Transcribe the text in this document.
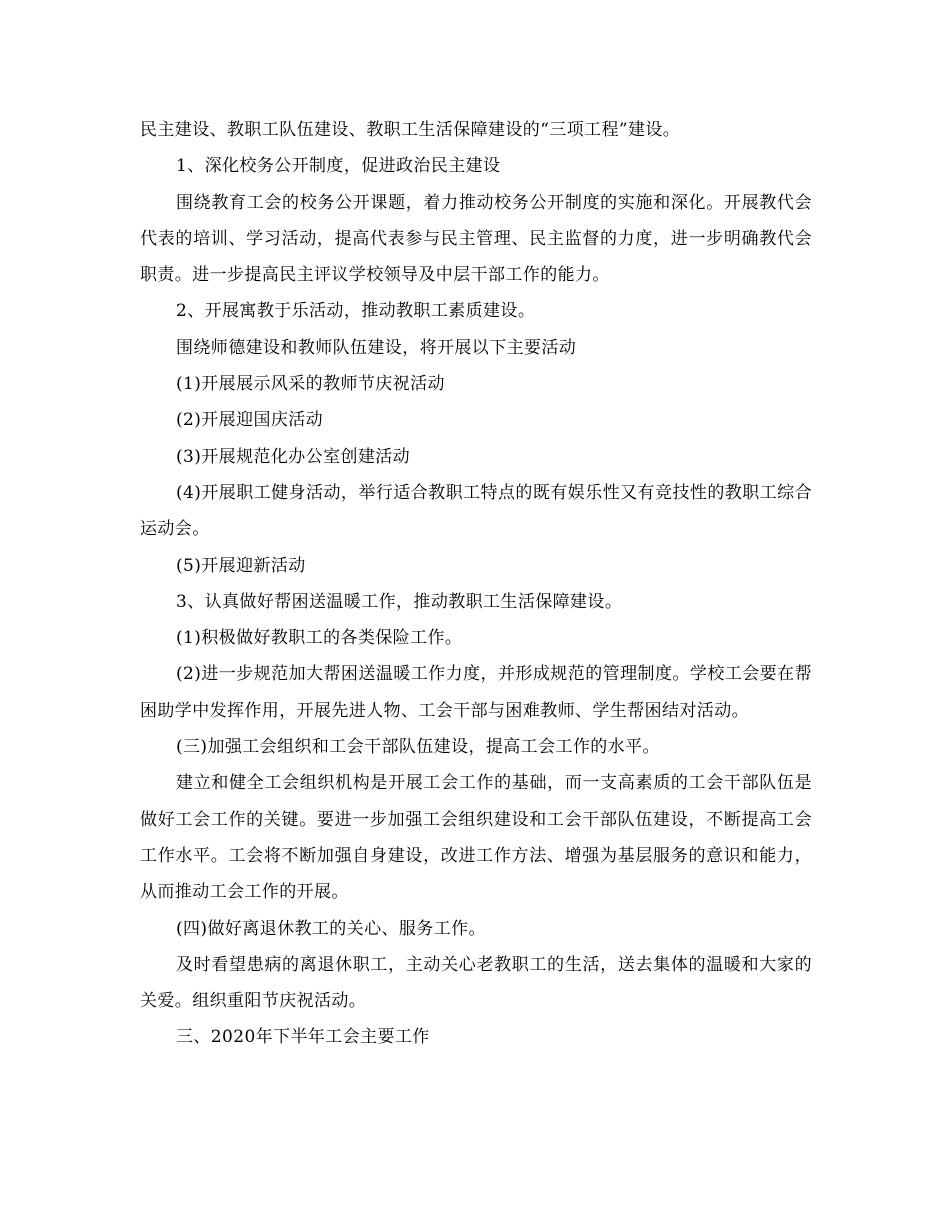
民主建设、教职工队伍建设、教职工生活保障建设的“三项工程”建设。

1、深化校务公开制度，促进政治民主建设

围绕教育工会的校务公开课题，着力推动校务公开制度的实施和深化。开展教代会代表的培训、学习活动，提高代表参与民主管理、民主监督的力度，进一步明确教代会职责。进一步提高民主评议学校领导及中层干部工作的能力。

2、开展寓教于乐活动，推动教职工素质建设。

围绕师德建设和教师队伍建设，将开展以下主要活动

(1)开展展示风采的教师节庆祝活动

(2)开展迎国庆活动

(3)开展规范化办公室创建活动

(4)开展职工健身活动，举行适合教职工特点的既有娱乐性又有竞技性的教职工综合运动会。

(5)开展迎新活动

3、认真做好帮困送温暖工作，推动教职工生活保障建设。

(1)积极做好教职工的各类保险工作。

(2)进一步规范加大帮困送温暖工作力度，并形成规范的管理制度。学校工会要在帮困助学中发挥作用，开展先进人物、工会干部与困难教师、学生帮困结对活动。

(三)加强工会组织和工会干部队伍建设，提高工会工作的水平。

建立和健全工会组织机构是开展工会工作的基础，而一支高素质的工会干部队伍是做好工会工作的关键。要进一步加强工会组织建设和工会干部队伍建设，不断提高工会工作水平。工会将不断加强自身建设，改进工作方法、增强为基层服务的意识和能力，从而推动工会工作的开展。

(四)做好离退休教工的关心、服务工作。

及时看望患病的离退休职工，主动关心老教职工的生活，送去集体的温暖和大家的关爱。组织重阳节庆祝活动。

三、2020年下半年工会主要工作
